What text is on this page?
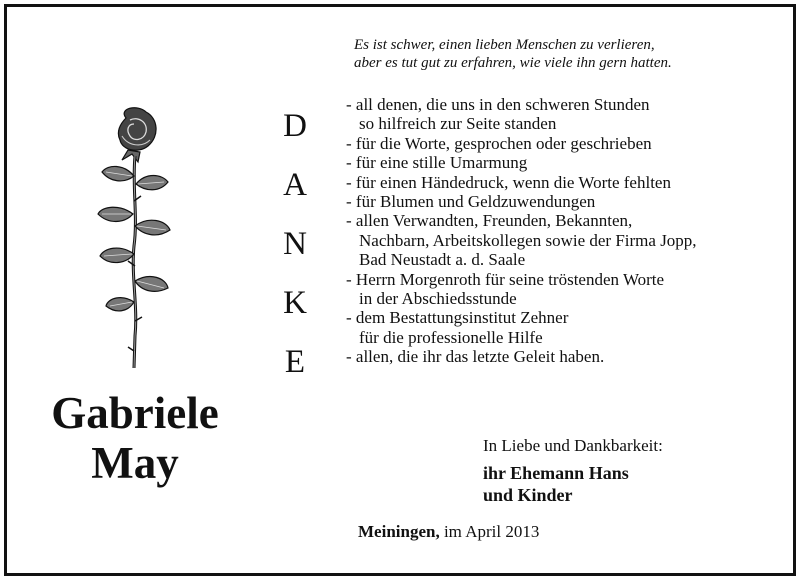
Es ist schwer, einen lieben Menschen zu verlieren,
aber es tut gut zu erfahren, wie viele ihn gern hatten.
Gabriele
May
D
A
N
K
E
- all denen, die uns in den schweren Stunden
so hilfreich zur Seite standen
- für die Worte, gesprochen oder geschrieben
- für eine stille Umarmung
- für einen Händedruck, wenn die Worte fehlten
- für Blumen und Geldzuwendungen
- allen Verwandten, Freunden, Bekannten,
Nachbarn, Arbeitskollegen sowie der Firma Jopp,
Bad Neustadt a. d. Saale
- Herrn Morgenroth für seine tröstenden Worte
in der Abschiedsstunde
- dem Bestattungsinstitut Zehner
für die professionelle Hilfe
- allen, die ihr das letzte Geleit haben.
In Liebe und Dankbarkeit:
ihr Ehemann Hans
und Kinder
Meiningen, im April 2013
